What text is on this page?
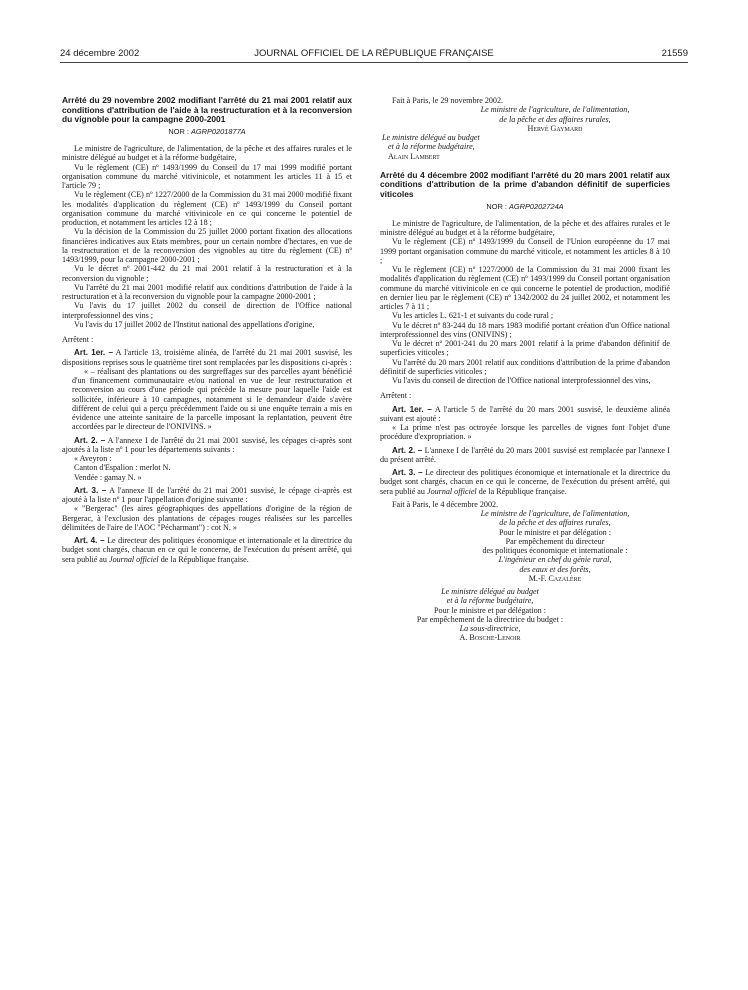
24 décembre 2002	JOURNAL OFFICIEL DE LA RÉPUBLIQUE FRANÇAISE	21559

Arrêté du 29 novembre 2002 modifiant l'arrêté du 21 mai 2001 relatif aux conditions d'attribution de l'aide à la restructuration et à la reconversion du vignoble pour la campagne 2000-2001

NOR : AGRP0201877A

Le ministre de l'agriculture, de l'alimentation, de la pêche et des affaires rurales et le ministre délégué au budget et à la réforme budgétaire,

Vu le règlement (CE) nº 1493/1999 du Conseil du 17 mai 1999 modifié portant organisation commune du marché vitivinicole, et notamment les articles 11 à 15 et l'article 79 ;

Vu le règlement (CE) nº 1227/2000 de la Commission du 31 mai 2000 modifié fixant les modalités d'application du règlement (CE) nº 1493/1999 du Conseil portant organisation commune du marché vitivinicole en ce qui concerne le potentiel de production, et notamment les articles 12 à 18 ;

Vu la décision de la Commission du 25 juillet 2000 portant fixation des allocations financières indicatives aux Etats membres, pour un certain nombre d'hectares, en vue de la restructuration et de la reconversion des vignobles au titre du règlement (CE) nº 1493/1999, pour la campagne 2000-2001 ;

Vu le décret nº 2001-442 du 21 mai 2001 relatif à la restructuration et à la reconversion du vignoble ;

Vu l'arrêté du 21 mai 2001 modifié relatif aux conditions d'attribution de l'aide à la restructuration et à la reconversion du vignoble pour la campagne 2000-2001 ;

Vu l'avis du 17 juillet 2002 du conseil de direction de l'Office national interprofessionnel des vins ;

Vu l'avis du 17 juillet 2002 de l'Institut national des appellations d'origine,

Arrêtent :

Art. 1er. – A l'article 13, troisième alinéa, de l'arrêté du 21 mai 2001 susvisé, les dispositions reprises sous le quatrième tiret sont remplacées par les dispositions ci-après :

« – réalisant des plantations ou des surgreffages sur des parcelles ayant bénéficié d'un financement communautaire et/ou national en vue de leur restructuration et reconversion au cours d'une période qui précède la mesure pour laquelle l'aide est sollicitée, inférieure à 10 campagnes, notamment si le demandeur d'aide s'avère différent de celui qui a perçu précédemment l'aide ou si une enquête terrain a mis en évidence une atteinte sanitaire de la parcelle imposant la replantation, peuvent être accordées par le directeur de l'ONIVINS. »

Art. 2. – A l'annexe I de l'arrêté du 21 mai 2001 susvisé, les cépages ci-après sont ajoutés à la liste nº 1 pour les départements suivants :

« Aveyron :

Canton d'Espalion : merlot N.

Vendée : gamay N. »

Art. 3. – A l'annexe II de l'arrêté du 21 mai 2001 susvisé, le cépage ci-après est ajouté à la liste nº 1 pour l'appellation d'origine suivante :

« "Bergerac" (les aires géographiques des appellations d'origine de la région de Bergerac, à l'exclusion des plantations de cépages rouges réalisées sur les parcelles délimitées de l'aire de l'AOC "Pécharmant") : cot N. »

Art. 4. – Le directeur des politiques économique et internationale et la directrice du budget sont chargés, chacun en ce qui le concerne, de l'exécution du présent arrêté, qui sera publié au Journal officiel de la République française.

Fait à Paris, le 29 novembre 2002.

Le ministre de l'agriculture, de l'alimentation,
de la pêche et des affaires rurales,
Hervé Gaymard
Le ministre délégué au budget
et à la réforme budgétaire,
Alain Lambert

Arrêté du 4 décembre 2002 modifiant l'arrêté du 20 mars 2001 relatif aux conditions d'attribution de la prime d'abandon définitif de superficies viticoles

NOR : AGRP0202724A

Le ministre de l'agriculture, de l'alimentation, de la pêche et des affaires rurales et le ministre délégué au budget et à la réforme budgétaire,

Vu le règlement (CE) nº 1493/1999 du Conseil de l'Union européenne du 17 mai 1999 portant organisation commune du marché viticole, et notamment les articles 8 à 10 ;

Vu le règlement (CE) nº 1227/2000 de la Commission du 31 mai 2000 fixant les modalités d'application du règlement (CE) nº 1493/1999 du Conseil portant organisation commune du marché vitivinicole en ce qui concerne le potentiel de production, modifié en dernier lieu par le règlement (CE) nº 1342/2002 du 24 juillet 2002, et notamment les articles 7 à 11 ;

Vu les articles L. 621-1 et suivants du code rural ;

Vu le décret nº 83-244 du 18 mars 1983 modifié portant création d'un Office national interprofessionnel des vins (ONIVINS) ;

Vu le décret nº 2001-241 du 20 mars 2001 relatif à la prime d'abandon définitif de superficies viticoles ;

Vu l'arrêté du 20 mars 2001 relatif aux conditions d'attribution de la prime d'abandon définitif de superficies viticoles ;

Vu l'avis du conseil de direction de l'Office national interprofessionnel des vins,

Arrêtent :

Art. 1er. – A l'article 5 de l'arrêté du 20 mars 2001 susvisé, le deuxième alinéa suivant est ajouté :

« La prime n'est pas octroyée lorsque les parcelles de vignes font l'objet d'une procédure d'expropriation. »

Art. 2. – L'annexe I de l'arrêté du 20 mars 2001 susvisé est remplacée par l'annexe I du présent arrêté.

Art. 3. – Le directeur des politiques économique et internationale et la directrice du budget sont chargés, chacun en ce qui le concerne, de l'exécution du présent arrêté, qui sera publié au Journal officiel de la République française.

Fait à Paris, le 4 décembre 2002.

Le ministre de l'agriculture, de l'alimentation,
de la pêche et des affaires rurales,
Pour le ministre et par délégation :
Par empêchement du directeur
des politiques économique et internationale :
L'ingénieur en chef du génie rural,
des eaux et des forêts,
M.-F. Cazalère
Le ministre délégué au budget
et à la réforme budgétaire,
Pour le ministre et par délégation :
Par empêchement de la directrice du budget :
La sous-directrice,
A. Bosche-Lenoir
